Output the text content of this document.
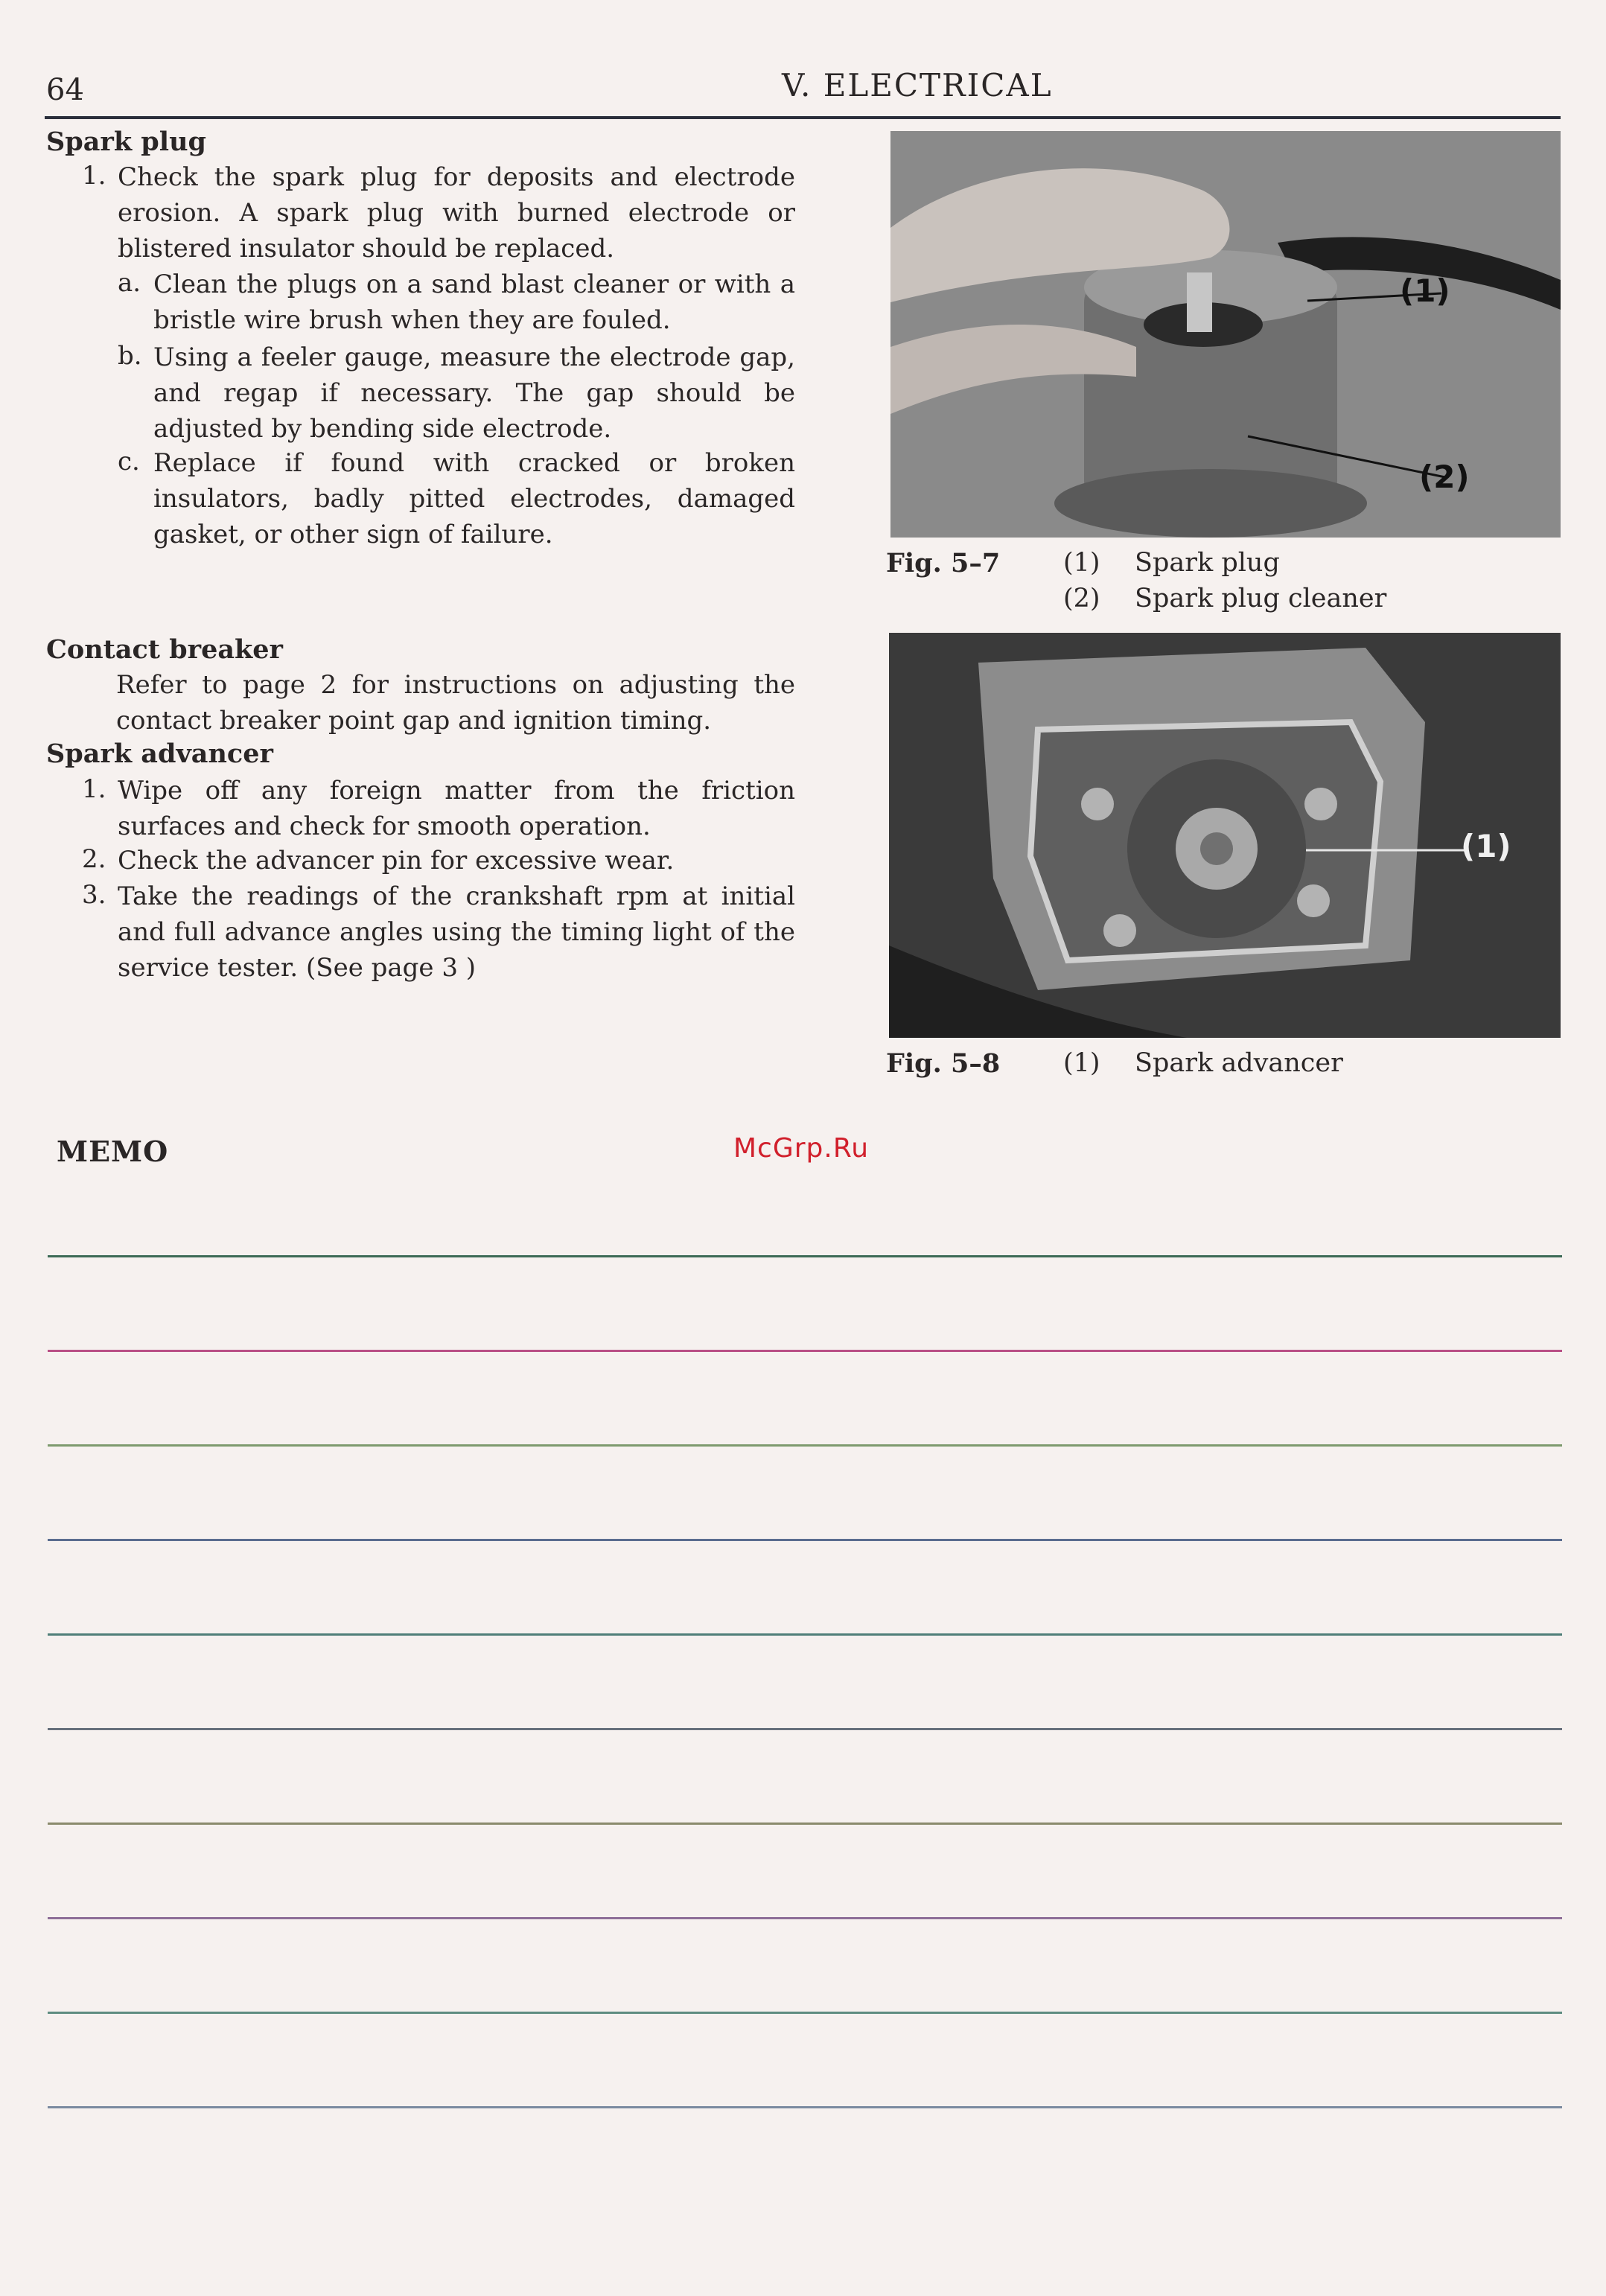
64	V. ELECTRICAL
Spark plug
1. Check the spark plug for deposits and electrode erosion. A spark plug with burned electrode or blistered insulator should be replaced.
a. Clean the plugs on a sand blast cleaner or with a bristle wire brush when they are fouled.
b. Using a feeler gauge, measure the electrode gap, and regap if necessary. The gap should be adjusted by bending side electrode.
c. Replace if found with cracked or broken insulators, badly pitted electrodes, damaged gasket, or other sign of failure.
Contact breaker
Refer to page 2 for instructions on adjusting the contact breaker point gap and ignition timing.
Spark advancer
1. Wipe off any foreign matter from the friction surfaces and check for smooth operation.
2. Check the advancer pin for excessive wear.
3. Take the readings of the crankshaft rpm at initial and full advance angles using the timing light of the service tester. (See page 3 )
(1)
(2)
Fig. 5–7 (1) Spark plug
(2) Spark plug cleaner
(1)
Fig. 5–8 (1) Spark advancer
MEMO	McGrp.Ru
